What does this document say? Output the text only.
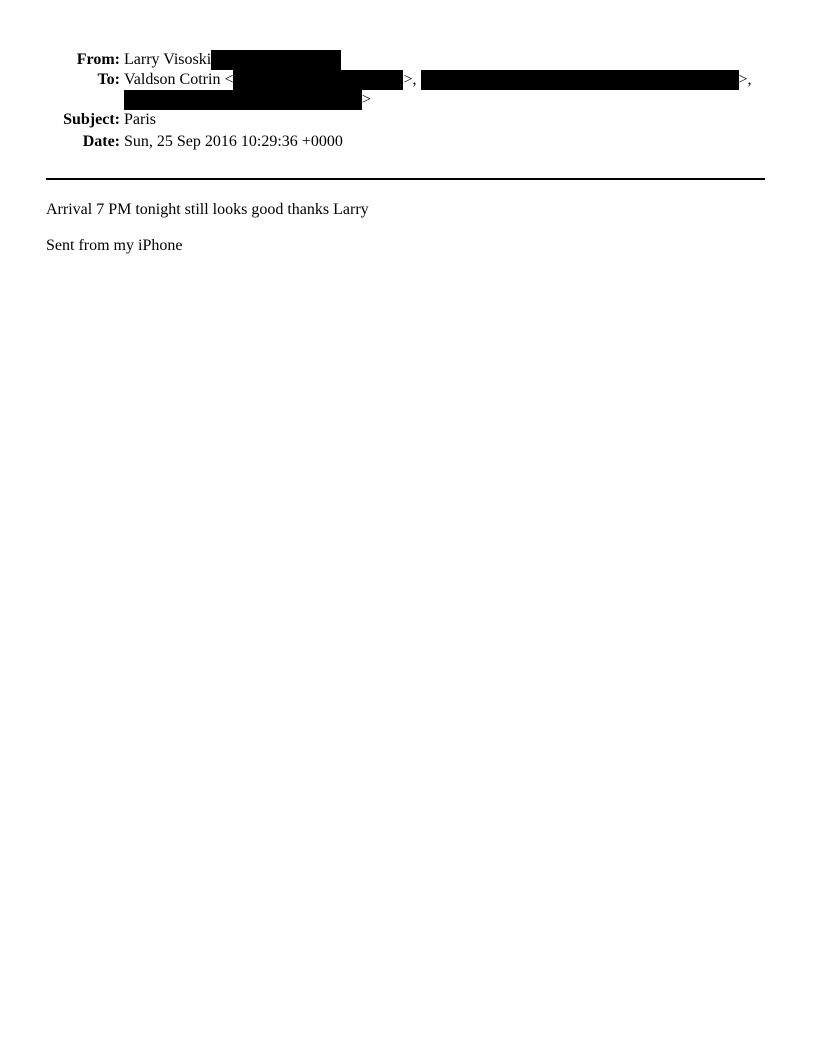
From: Larry Visoski
To: Valdson Cotrin <	>,	>,
>
Subject: Paris
Date: Sun, 25 Sep 2016 10:29:36 +0000
Arrival 7 PM tonight still looks good thanks Larry
Sent from my iPhone
